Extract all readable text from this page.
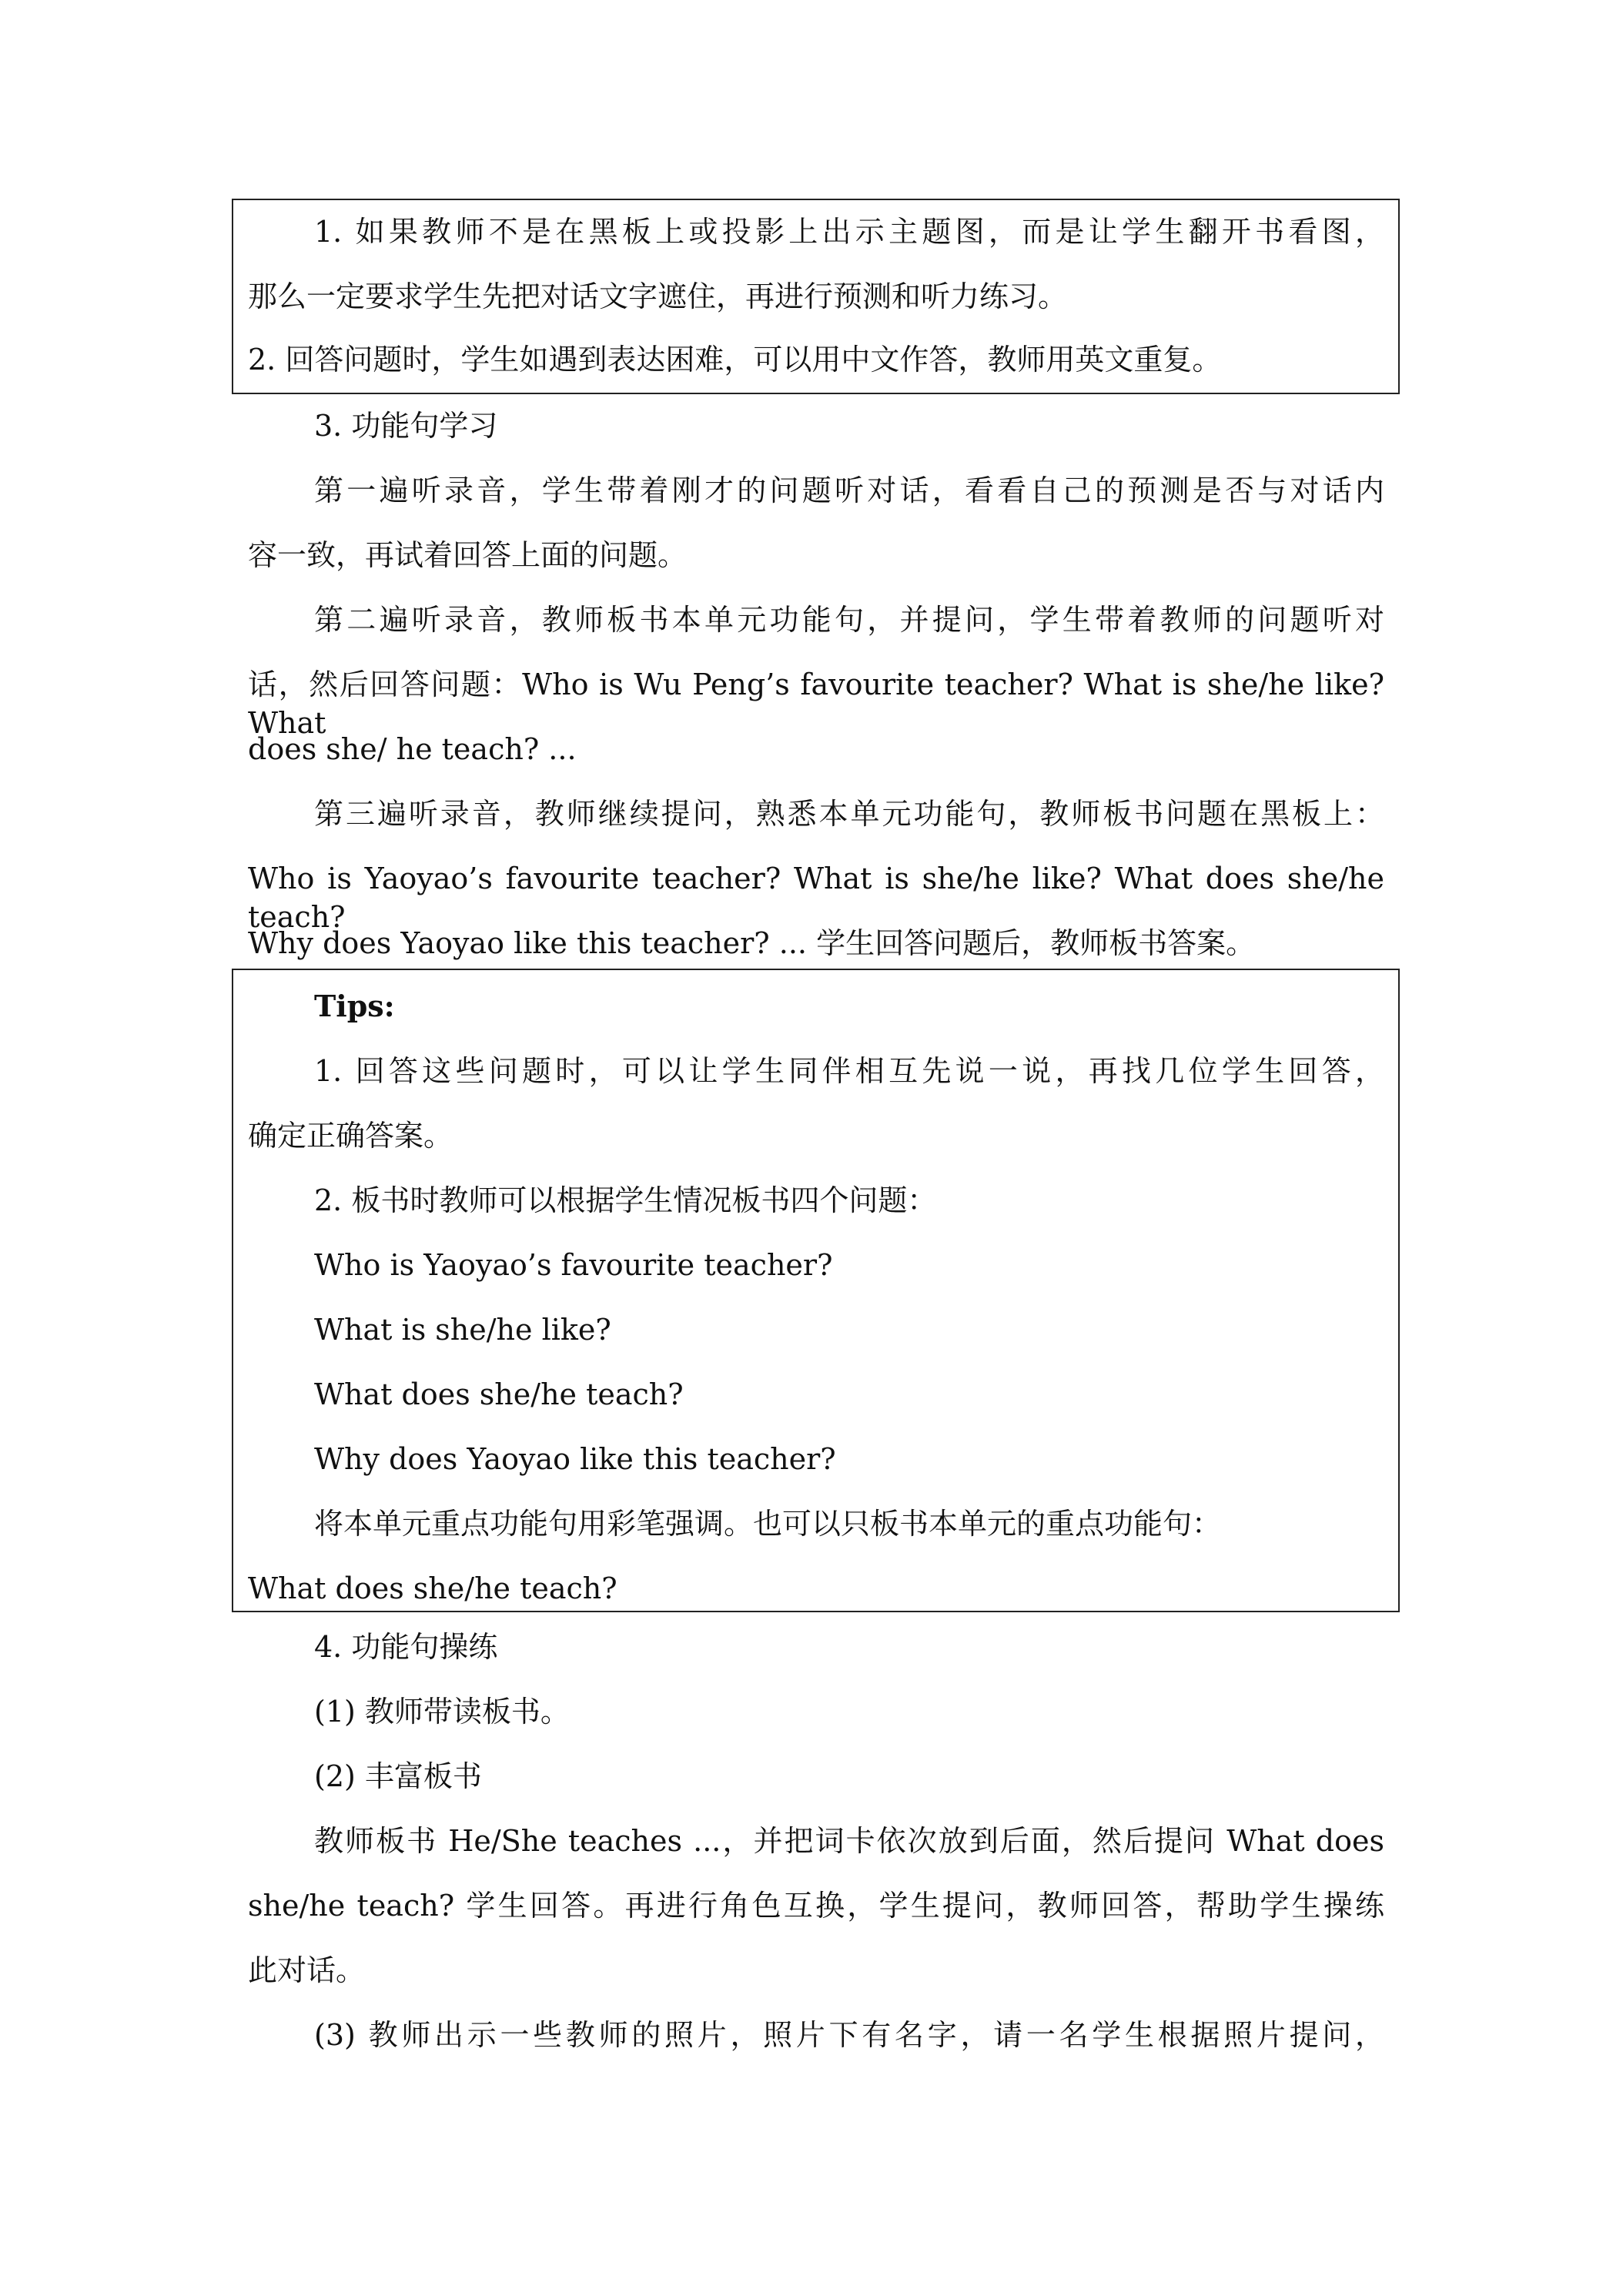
1. 如果教师不是在黑板上或投影上出示主题图，而是让学生翻开书看图，
那么一定要求学生先把对话文字遮住，再进行预测和听力练习。
2. 回答问题时，学生如遇到表达困难，可以用中文作答，教师用英文重复。
3. 功能句学习
第一遍听录音，学生带着刚才的问题听对话，看看自己的预测是否与对话内
容一致，再试着回答上面的问题。
第二遍听录音，教师板书本单元功能句，并提问，学生带着教师的问题听对
话，然后回答问题：Who is Wu Peng’s favourite teacher? What is she/he like? What
does she/ he teach? ...
第三遍听录音，教师继续提问，熟悉本单元功能句，教师板书问题在黑板上：
Who is Yaoyao’s favourite teacher? What is she/he like? What does she/he teach?
Why does Yaoyao like this teacher? ... 学生回答问题后，教师板书答案。
Tips:
1. 回答这些问题时，可以让学生同伴相互先说一说，再找几位学生回答，
确定正确答案。
2. 板书时教师可以根据学生情况板书四个问题：
Who is Yaoyao’s favourite teacher?
What is she/he like?
What does she/he teach?
Why does Yaoyao like this teacher?
将本单元重点功能句用彩笔强调。也可以只板书本单元的重点功能句：
What does she/he teach?
4. 功能句操练
(1) 教师带读板书。
(2) 丰富板书
教师板书 He/She teaches ...，并把词卡依次放到后面，然后提问 What does
she/he teach? 学生回答。再进行角色互换，学生提问，教师回答，帮助学生操练
此对话。
(3) 教师出示一些教师的照片，照片下有名字，请一名学生根据照片提问，
